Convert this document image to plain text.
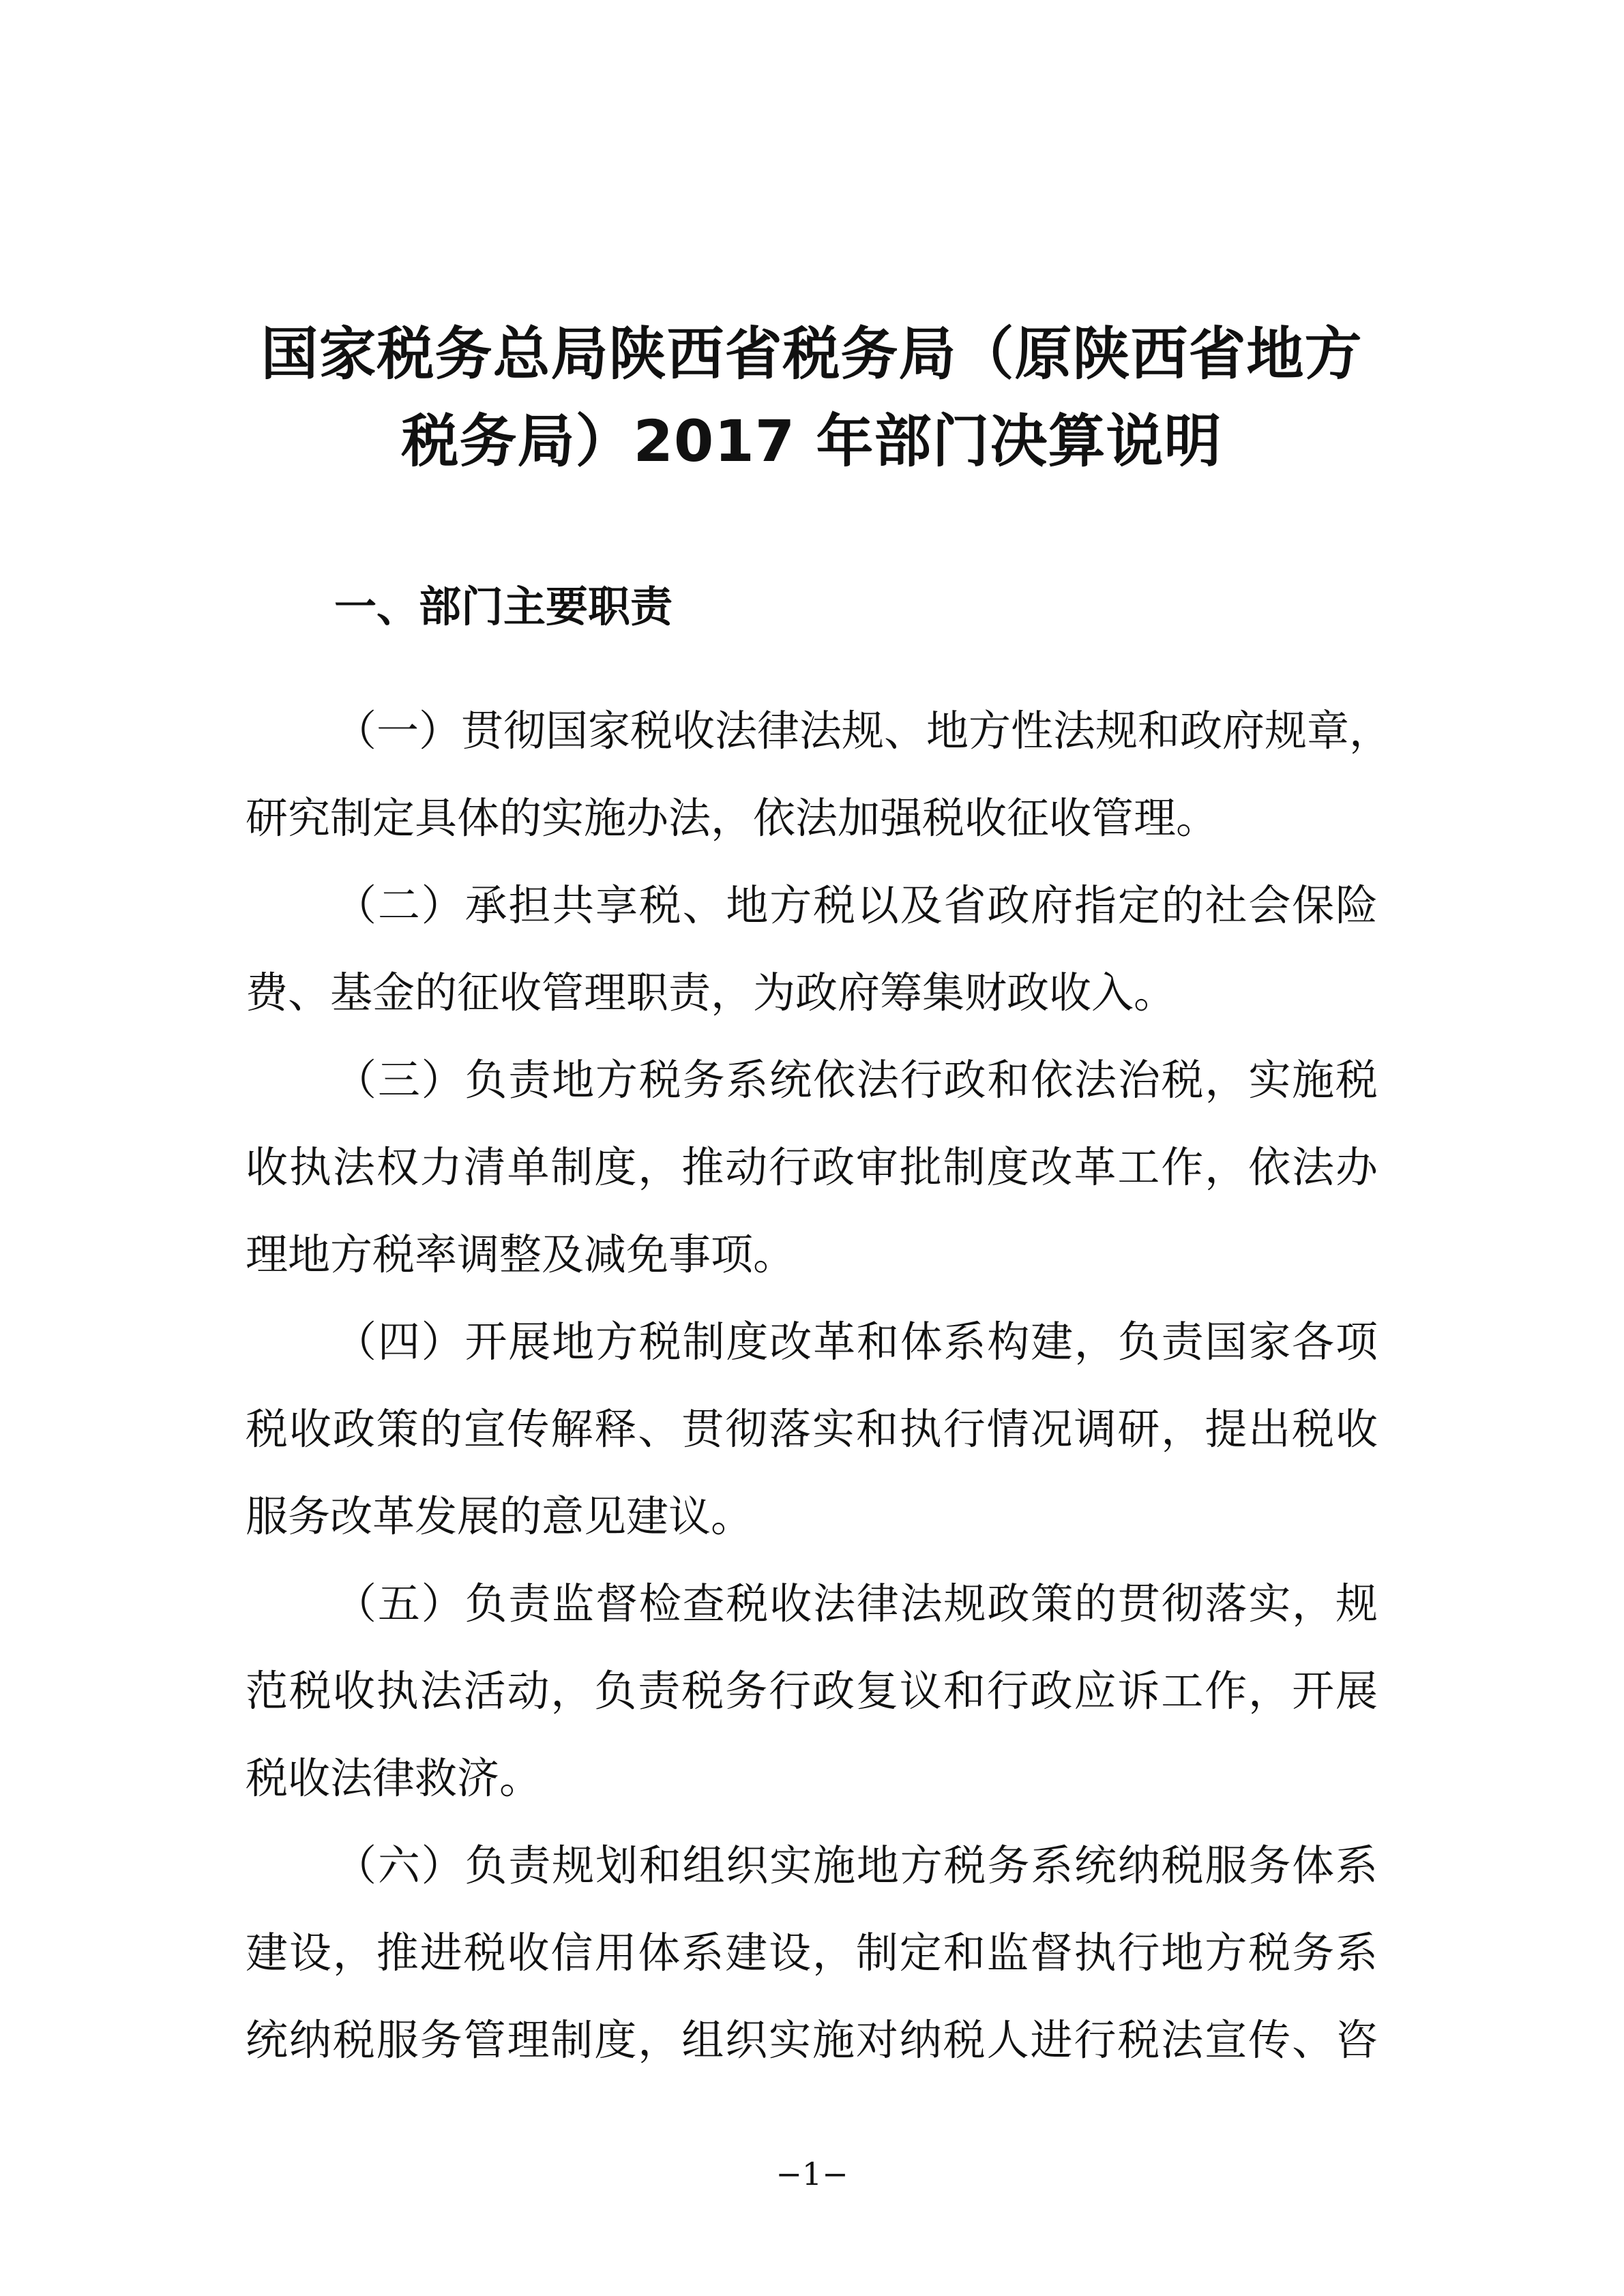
国家税务总局陕西省税务局（原陕西省地方
税务局）2017 年部门决算说明
一、部门主要职责
（一）贯彻国家税收法律法规、地方性法规和政府规章，
研究制定具体的实施办法，依法加强税收征收管理。
（二）承担共享税、地方税以及省政府指定的社会保险
费、基金的征收管理职责，为政府筹集财政收入。
（三）负责地方税务系统依法行政和依法治税，实施税
收执法权力清单制度，推动行政审批制度改革工作，依法办
理地方税率调整及减免事项。
（四）开展地方税制度改革和体系构建，负责国家各项
税收政策的宣传解释、贯彻落实和执行情况调研，提出税收
服务改革发展的意见建议。
（五）负责监督检查税收法律法规政策的贯彻落实，规
范税收执法活动，负责税务行政复议和行政应诉工作，开展
税收法律救济。
（六）负责规划和组织实施地方税务系统纳税服务体系
建设，推进税收信用体系建设，制定和监督执行地方税务系
统纳税服务管理制度，组织实施对纳税人进行税法宣传、咨
−1−
